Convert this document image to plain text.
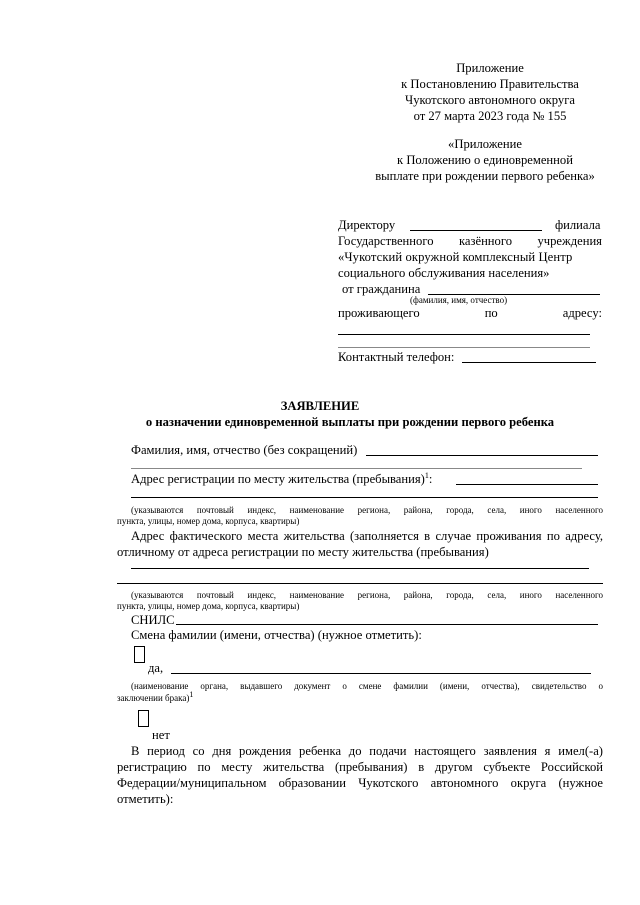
Приложение
к Постановлению Правительства
Чукотского автономного округа
от 27 марта 2023 года № 155
«Приложение
к Положению о единовременной
выплате при рождении первого ребенка»
Директору	филиала
Государственного казённого учреждения
«Чукотский окружной комплексный Центр
социального обслуживания населения»
от гражданина
(фамилия, имя, отчество)
проживающего	по	адресу:
Контактный телефон:
ЗАЯВЛЕНИЕ
о назначении единовременной выплаты при рождении первого ребенка
Фамилия, имя, отчество (без сокращений)
Адрес регистрации по месту жительства (пребывания)$^1$:
(указываются почтовый индекс, наименование региона, района, города, села, иного населенного
пункта, улицы, номер дома, корпуса, квартиры)
Адрес фактического места жительства (заполняется в случае проживания по адресу,
отличному от адреса регистрации по месту жительства (пребывания)
(указываются почтовый индекс, наименование региона, района, города, села, иного населенного
пункта, улицы, номер дома, корпуса, квартиры)
СНИЛС
Смена фамилии (имени, отчества) (нужное отметить):
да,
(наименование органа, выдавшего документ о смене фамилии (имени, отчества), свидетельство о
заключении брака)$^1$
нет
В период со дня рождения ребенка до подачи настоящего заявления я имел(-а)
регистрацию по месту жительства (пребывания) в другом субъекте Российской
Федерации/муниципальном образовании Чукотского автономного округа (нужное
отметить):
